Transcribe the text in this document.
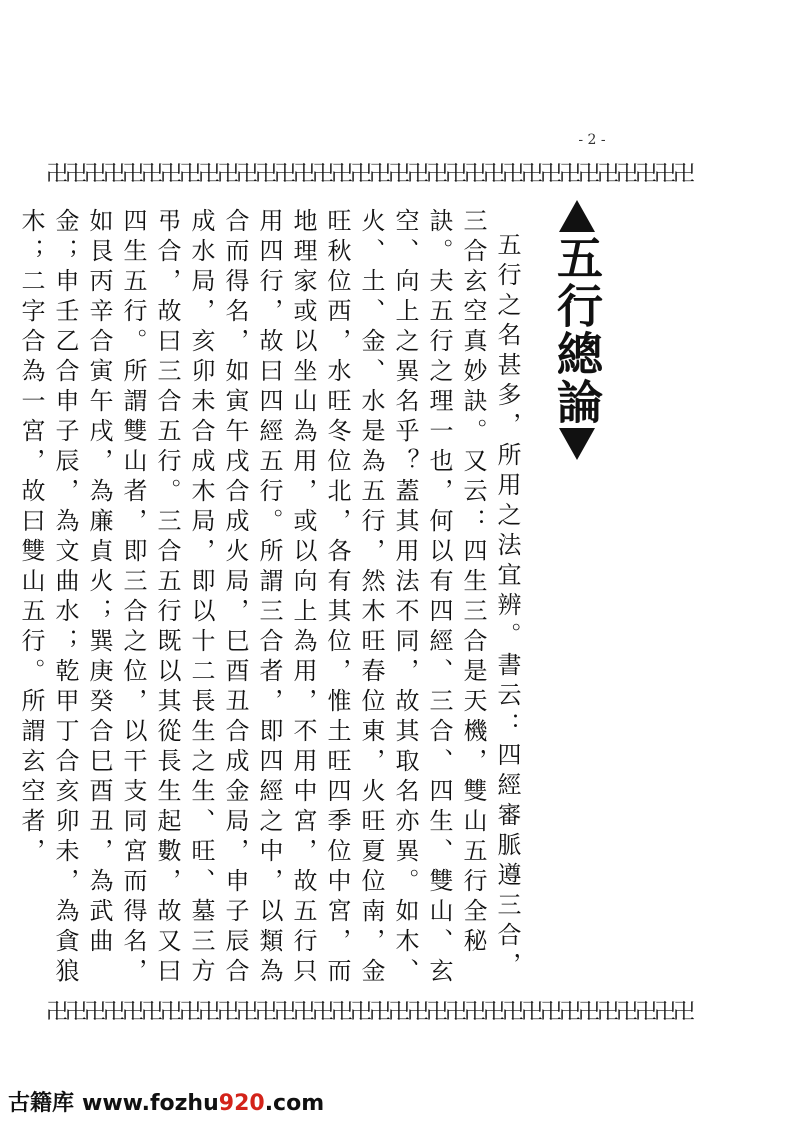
- 2 -
卍卍卍卍卍卍卍卍卍卍卍卍卍卍卍卍卍卍卍卍卍卍卍卍卍卍卍卍卍卍卍卍卍卍
五行總論

五行之名甚多，所用之法宜辨。書云：四經審脈遵三合，三合玄空真妙訣。又云：四生三合是天機，雙山五行全秘訣。夫五行之理一也，何以有四經、三合、四生、雙山、玄空、向上之異名乎？蓋其用法不同，故其取名亦異。如木、火、土、金、水是為五行，然木旺春位東，火旺夏位南，金旺秋位西，水旺冬位北，各有其位，惟土旺四季位中宮，而地理家或以坐山為用，或以向上為用，不用中宮，故五行只用四行，故曰四經五行。所謂三合者，即四經之中，以類為合而得名，如寅午戌合成火局，巳酉丑合成金局，申子辰合成水局，亥卯未合成木局，即以十二長生之生、旺、墓三方弔合，故曰三合五行。三合五行既以其從長生起數，故又曰四生五行。所謂雙山者，即三合之位，以干支同宮而得名，如艮丙辛合寅午戌，為廉貞火；巽庚癸合巳酉丑，為武曲金；申壬乙合申子辰，為文曲水；乾甲丁合亥卯未，為貪狼木；二字合為一宮，故曰雙山五行。所謂玄空者，

卍卍卍卍卍卍卍卍卍卍卍卍卍卍卍卍卍卍卍卍卍卍卍卍卍卍卍卍卍卍卍卍卍卍
古籍库 www.fozhu920.com
